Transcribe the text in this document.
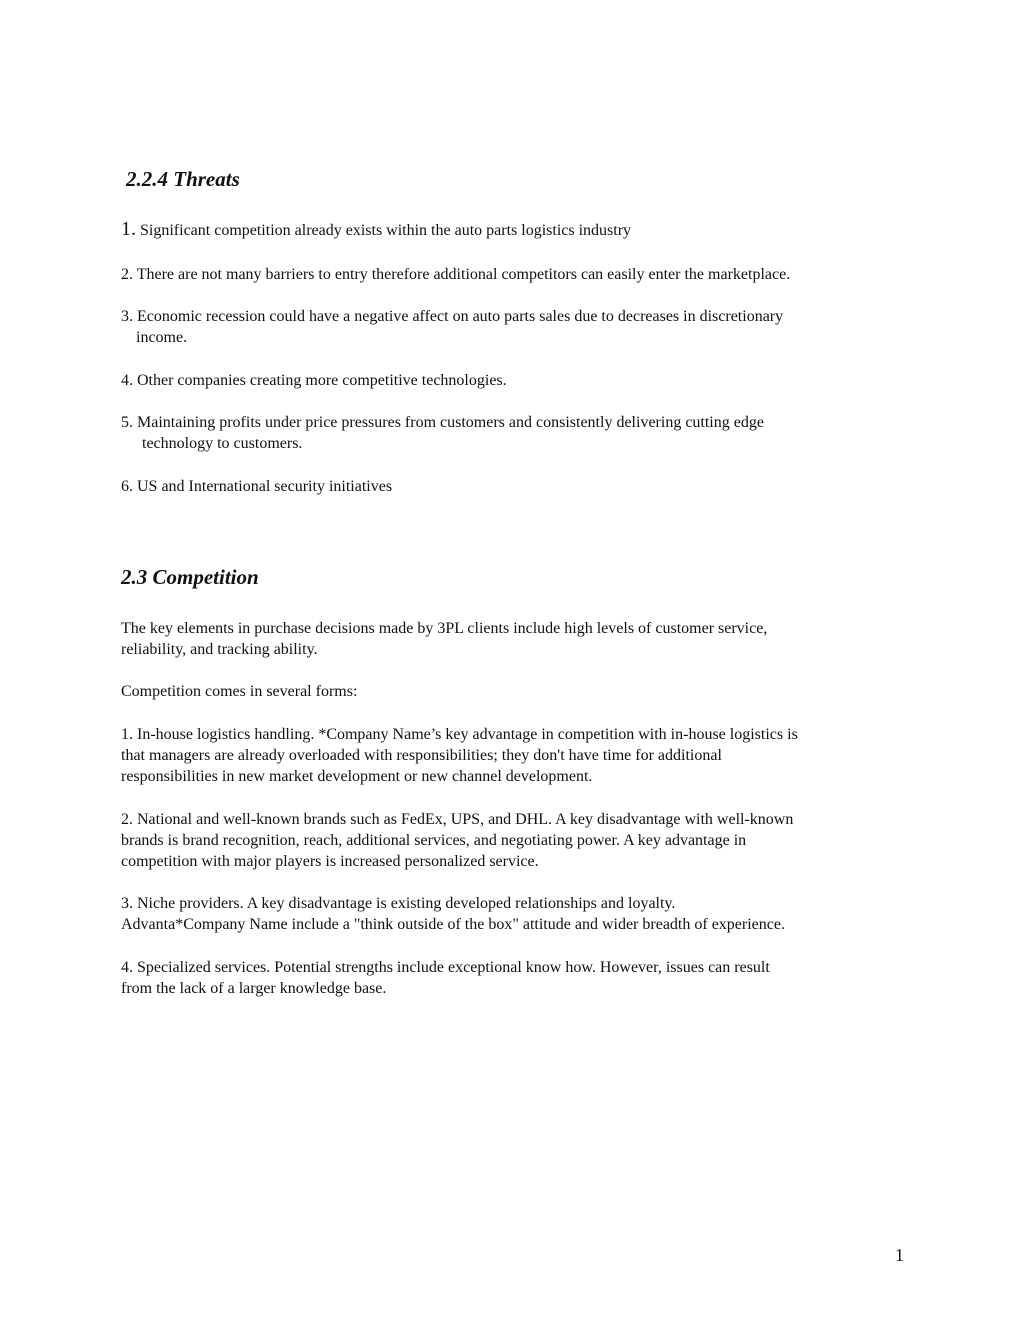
2.2.4 Threats

1. Significant competition already exists within the auto parts logistics industry

2. There are not many barriers to entry therefore additional competitors can easily enter the marketplace.

3. Economic recession could have a negative affect on auto parts sales due to decreases in discretionary
income.

4. Other companies creating more competitive technologies.

5. Maintaining profits under price pressures from customers and consistently delivering cutting edge
technology to customers.

6. US and International security initiatives

2.3 Competition

The key elements in purchase decisions made by 3PL clients include high levels of customer service,
reliability, and tracking ability.

Competition comes in several forms:

1. In-house logistics handling. *Company Name’s key advantage in competition with in-house logistics is
that managers are already overloaded with responsibilities; they don't have time for additional
responsibilities in new market development or new channel development.

2. National and well-known brands such as FedEx, UPS, and DHL. A key disadvantage with well-known
brands is brand recognition, reach, additional services, and negotiating power. A key advantage in
competition with major players is increased personalized service.

3. Niche providers. A key disadvantage is existing developed relationships and loyalty.
Advanta*Company Name include a "think outside of the box" attitude and wider breadth of experience.

4. Specialized services. Potential strengths include exceptional know how. However, issues can result
from the lack of a larger knowledge base.

1
